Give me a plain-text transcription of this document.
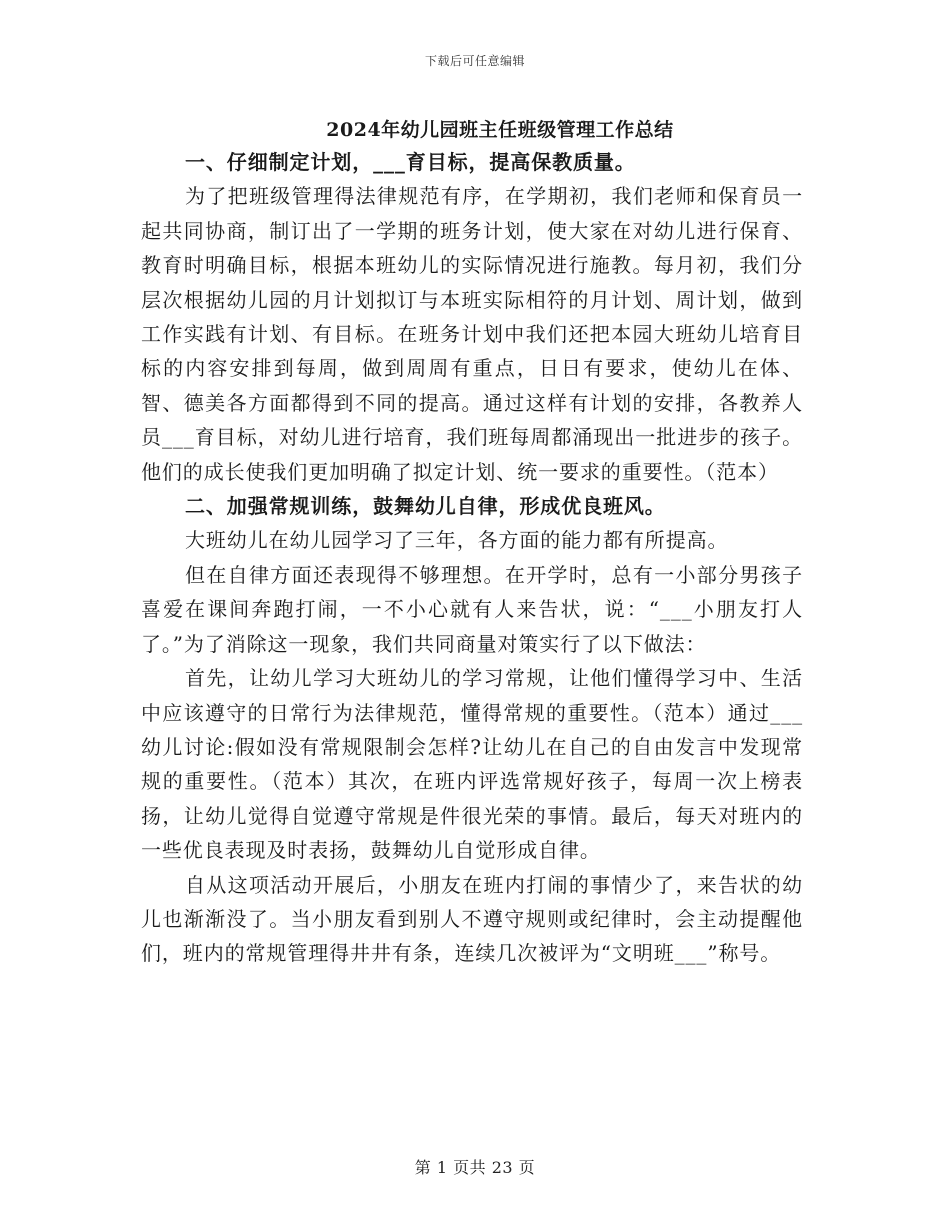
下载后可任意编辑
2024年幼儿园班主任班级管理工作总结

一、仔细制定计划，___育目标，提高保教质量。

为了把班级管理得法律规范有序，在学期初，我们老师和保育员一起共同协商，制订出了一学期的班务计划，使大家在对幼儿进行保育、教育时明确目标，根据本班幼儿的实际情况进行施教。每月初，我们分层次根据幼儿园的月计划拟订与本班实际相符的月计划、周计划，做到工作实践有计划、有目标。在班务计划中我们还把本园大班幼儿培育目标的内容安排到每周，做到周周有重点，日日有要求，使幼儿在体、智、德美各方面都得到不同的提高。通过这样有计划的安排，各教养人员___育目标，对幼儿进行培育，我们班每周都涌现出一批进步的孩子。他们的成长使我们更加明确了拟定计划、统一要求的重要性。（范本）

二、加强常规训练，鼓舞幼儿自律，形成优良班风。

大班幼儿在幼儿园学习了三年，各方面的能力都有所提高。

但在自律方面还表现得不够理想。在开学时，总有一小部分男孩子喜爱在课间奔跑打闹，一不小心就有人来告状，说：“___小朋友打人了。”为了消除这一现象，我们共同商量对策实行了以下做法：

首先，让幼儿学习大班幼儿的学习常规，让他们懂得学习中、生活中应该遵守的日常行为法律规范，懂得常规的重要性。（范本）通过___幼儿讨论:假如没有常规限制会怎样?让幼儿在自己的自由发言中发现常规的重要性。（范本）其次，在班内评选常规好孩子，每周一次上榜表扬，让幼儿觉得自觉遵守常规是件很光荣的事情。最后，每天对班内的一些优良表现及时表扬，鼓舞幼儿自觉形成自律。

自从这项活动开展后，小朋友在班内打闹的事情少了，来告状的幼儿也渐渐没了。当小朋友看到别人不遵守规则或纪律时，会主动提醒他们，班内的常规管理得井井有条，连续几次被评为“文明班___”称号。

第 1 页共 23 页
